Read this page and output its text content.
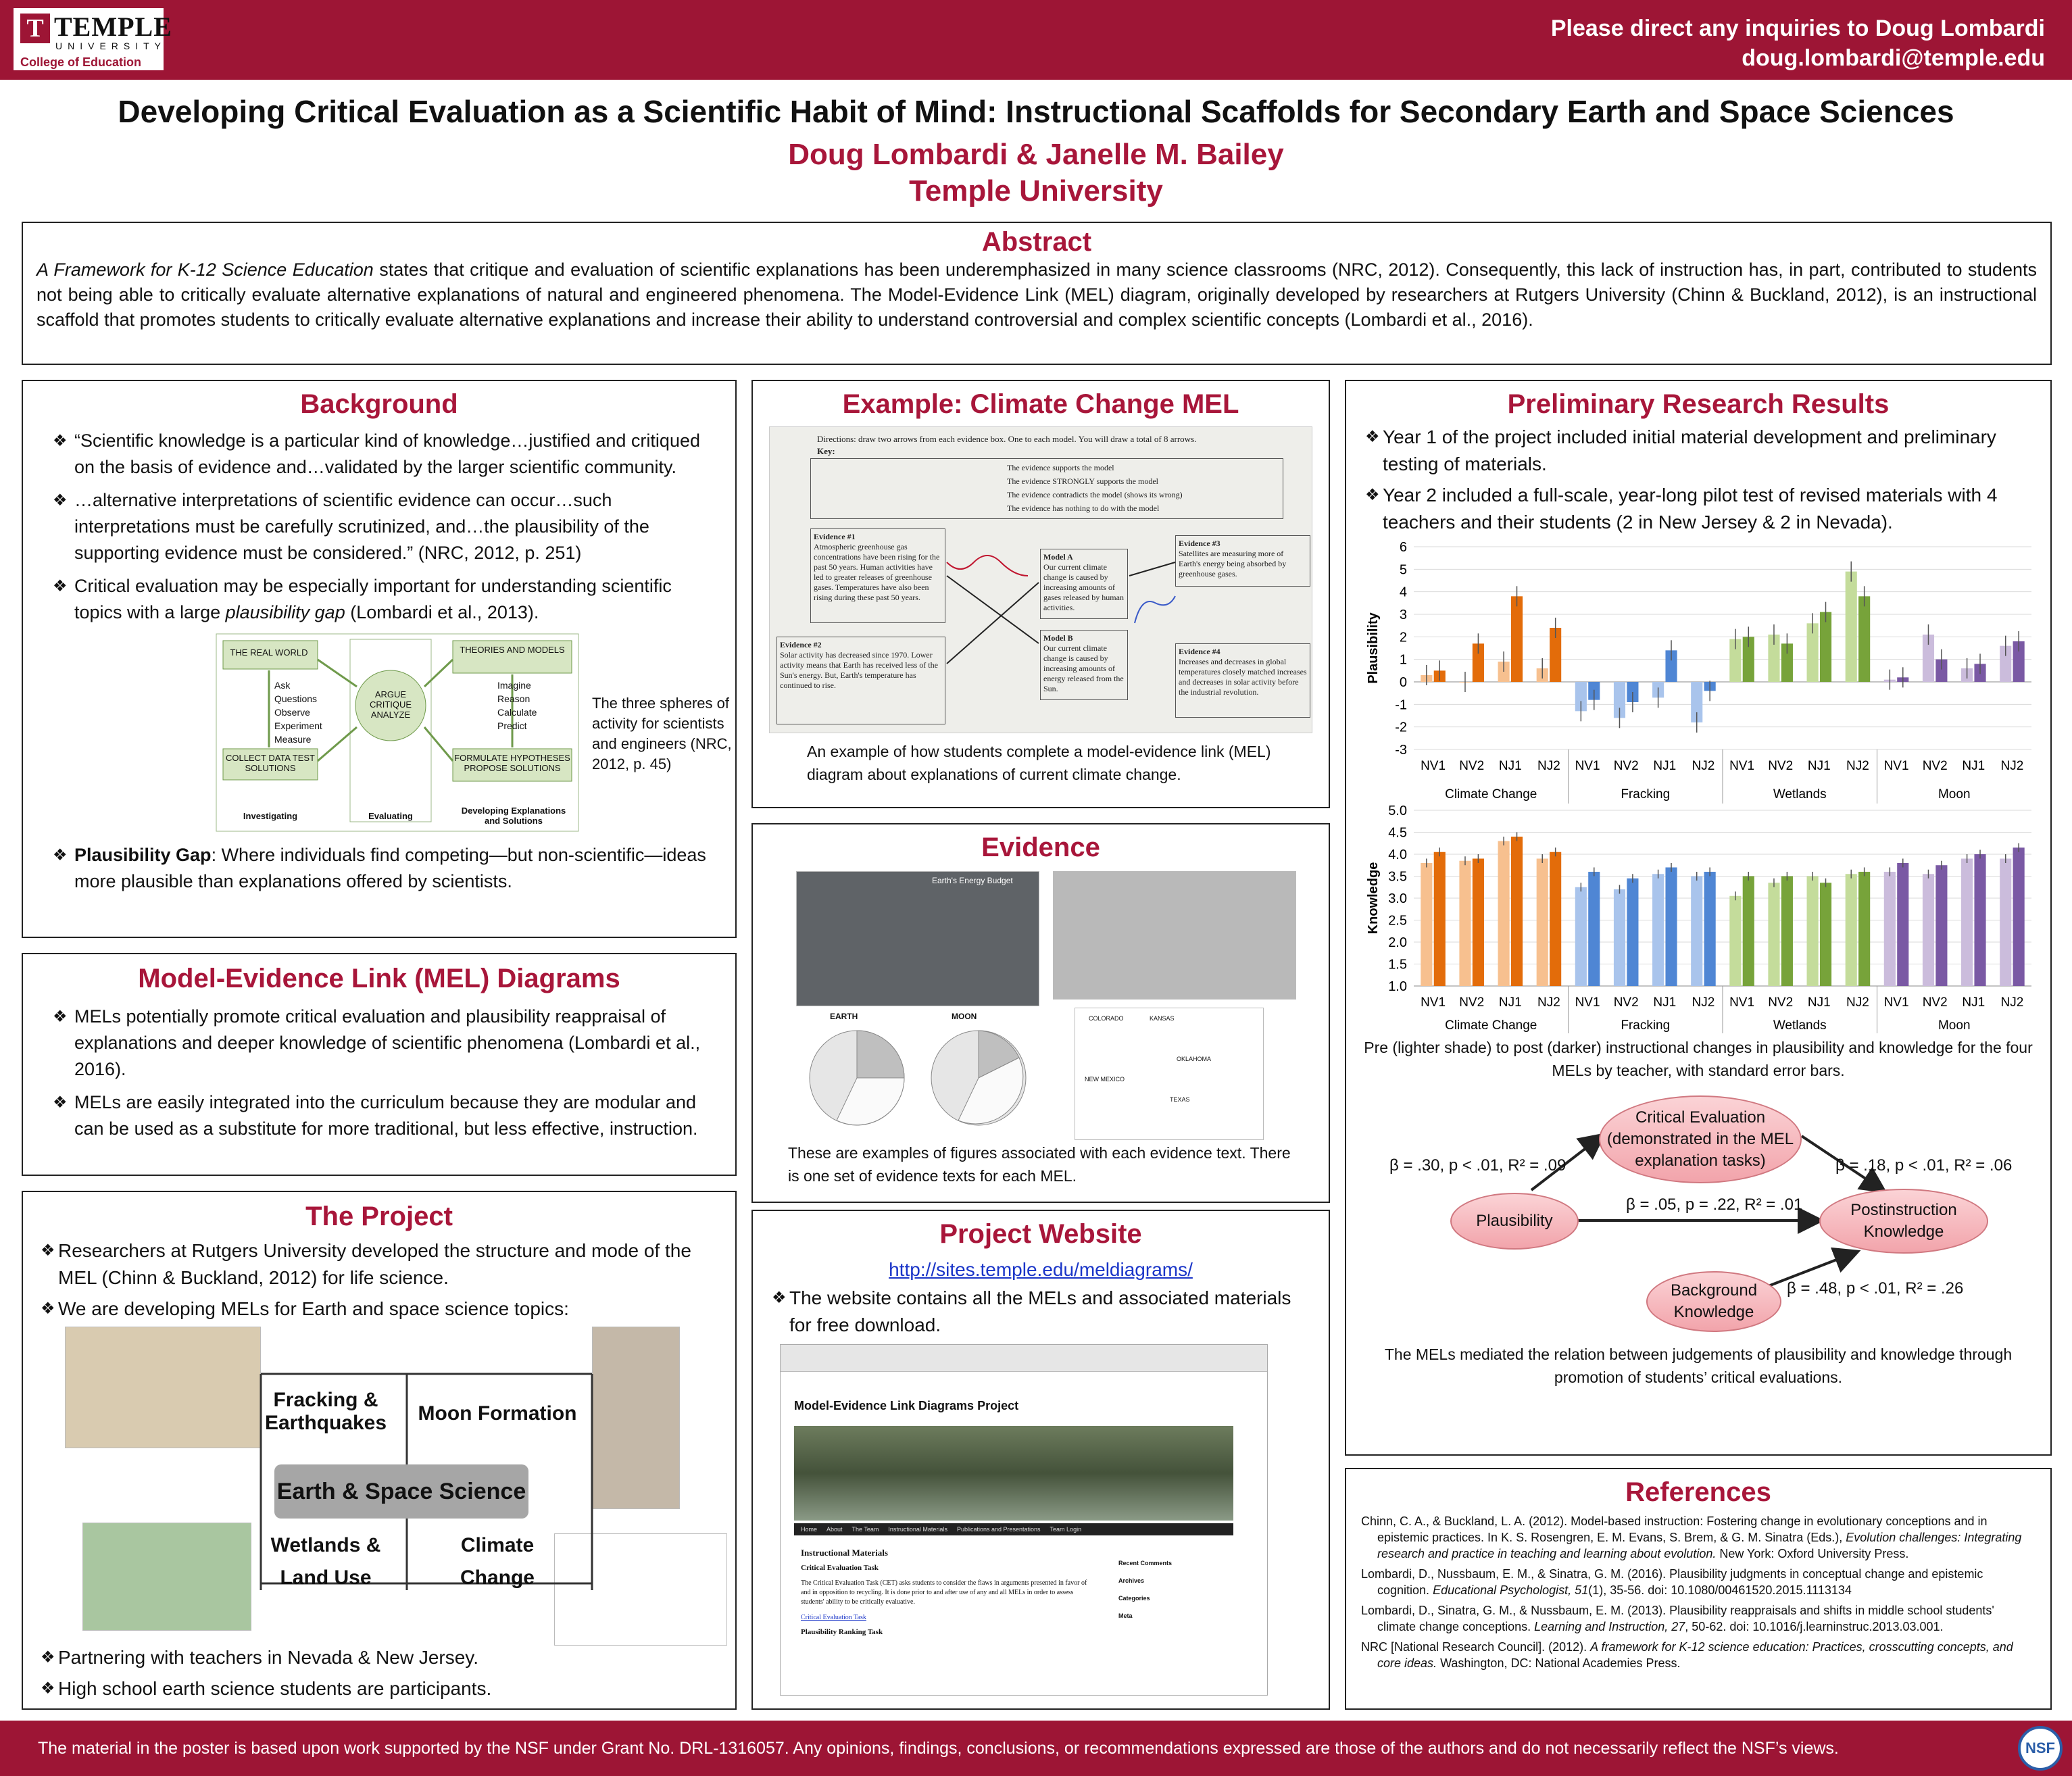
T TEMPLE
UNIVERSITY
College of Education
Please direct any inquiries to Doug Lombardi
doug.lombardi@temple.edu
Developing Critical Evaluation as a Scientific Habit of Mind: Instructional Scaffolds for Secondary Earth and Space Sciences
Doug Lombardi & Janelle M. Bailey
Temple University
Abstract

A Framework for K-12 Science Education states that critique and evaluation of scientific explanations has been underemphasized in many science classrooms (NRC, 2012). Consequently, this lack of instruction has, in part, contributed to students not being able to critically evaluate alternative explanations of natural and engineered phenomena. The Model-Evidence Link (MEL) diagram, originally developed by researchers at Rutgers University (Chinn & Buckland, 2012), is an instructional scaffold that promotes students to critically evaluate alternative explanations and increase their ability to understand controversial and complex scientific concepts (Lombardi et al., 2016).

Background
❖ “Scientific knowledge is a particular kind of knowledge…justified and critiqued on the basis of evidence and…validated by the larger scientific community.
❖ …alternative interpretations of scientific evidence can occur…such interpretations must be carefully scrutinized, and…the plausibility of the supporting evidence must be considered.” (NRC, 2012, p. 251)
❖ Critical evaluation may be especially important for understanding scientific topics with a large plausibility gap (Lombardi et al., 2013).
THE REAL WORLD	THEORIES AND MODELS
ARGUE CRITIQUE ANALYZE
Ask Questions Observe Experiment Measure
Imagine Reason Calculate Predict
COLLECT DATA TEST SOLUTIONS
FORMULATE HYPOTHESES PROPOSE SOLUTIONS
Investigating	Evaluating
Developing Explanations and Solutions
The three spheres of activity for scientists and engineers (NRC, 2012, p. 45)
❖ Plausibility Gap: Where individuals find competing—but non-scientific—ideas more plausible than explanations offered by scientists.
Model-Evidence Link (MEL) Diagrams
❖ MELs potentially promote critical evaluation and plausibility reappraisal of explanations and deeper knowledge of scientific phenomena (Lombardi et al., 2016).
❖ MELs are easily integrated into the curriculum because they are modular and can be used as a substitute for more traditional, but less effective, instruction.
The Project
❖ Researchers at Rutgers University developed the structure and mode of the MEL (Chinn & Buckland, 2012) for life science.
❖ We are developing MELs for Earth and space science topics:
Fracking & Earthquakes	Moon Formation
Earth & Space Science
Wetlands & Land Use
Climate Change
❖ Partnering with teachers in Nevada & New Jersey.
❖ High school earth science students are participants.
Example: Climate Change MEL
Directions: draw two arrows from each evidence box. One to each model. You will draw a total of 8 arrows.
Key:
The evidence supports the model
The evidence STRONGLY supports the model
The evidence contradicts the model (shows its wrong)
The evidence has nothing to do with the model
Evidence #1
Atmospheric greenhouse gas concentrations have been rising for the past 50 years. Human activities have led to greater releases of greenhouse gases. Temperatures have also been rising during these past 50 years.
Evidence #2
Solar activity has decreased since 1970. Lower activity means that Earth has received less of the Sun's energy. But, Earth's temperature has continued to rise.
Model A
Our current climate change is caused by increasing amounts of gases released by human activities.
Model B
Our current climate change is caused by increasing amounts of energy released from the Sun.
Evidence #3
Satellites are measuring more of Earth's energy being absorbed by greenhouse gases.
Evidence #4
Increases and decreases in global temperatures closely matched increases and decreases in solar activity before the industrial revolution.
An example of how students complete a model-evidence link (MEL) diagram about explanations of current climate change.
Evidence
Earth's Energy Budget
EARTH	MOON	COLORADO	KANSAS
OKLAHOMA
NEW MEXICO
TEXAS
These are examples of figures associated with each evidence text. There is one set of evidence texts for each MEL.
Project Website
http://sites.temple.edu/meldiagrams/
❖ The website contains all the MELs and associated materials for free download.
Model-Evidence Link Diagrams Project
Home About The Team Instructional Materials Publications and Presentations Team Login
Instructional Materials
Critical Evaluation Task
The Critical Evaluation Task (CET) asks students to consider the flaws in arguments presented in favor of and in opposition to recycling. It is done prior to and after use of any and all MELs in order to assess students' ability to be critically evaluative.
Critical Evaluation Task
Plausibility Ranking Task
Recent Comments
Archives
Categories
Meta
Preliminary Research Results
❖ Year 1 of the project included initial material development and preliminary testing of materials.
❖ Year 2 included a full-scale, year-long pilot test of revised materials with 4 teachers and their students (2 in New Jersey & 2 in Nevada).
6
5
4
3
2
1
0
-1
-2
-3
Plausibility
NV1 NV2 NJ1 NJ2
Climate Change
NV1 NV2 NJ1 NJ2
Fracking
NV1 NV2 NJ1 NJ2
Wetlands
NV1 NV2 NJ1 NJ2
Moon
5.0
4.5
4.0
3.5
3.0
2.5
2.0
1.5
1.0
Knowledge
NV1 NV2 NJ1 NJ2
Climate Change
NV1 NV2 NJ1 NJ2
Fracking
NV1 NV2 NJ1 NJ2
Wetlands
NV1 NV2 NJ1 NJ2
Moon
Pre (lighter shade) to post (darker) instructional changes in plausibility and knowledge for the four MELs by teacher, with standard error bars.
Critical Evaluation (demonstrated in the MEL explanation tasks)
Plausibility
Postinstruction Knowledge
Background Knowledge
β = .30, p < .01, R² = .09	β = .18, p < .01, R² = .06
β = .05, p = .22, R² = .01
β = .48, p < .01, R² = .26
The MELs mediated the relation between judgements of plausibility and knowledge through promotion of students’ critical evaluations.
References

Chinn, C. A., & Buckland, L. A. (2012). Model-based instruction: Fostering change in evolutionary conceptions and in epistemic practices. In K. S. Rosengren, E. M. Evans, S. Brem, & G. M. Sinatra (Eds.), Evolution challenges: Integrating research and practice in teaching and learning about evolution. New York: Oxford University Press.

Lombardi, D., Nussbaum, E. M., & Sinatra, G. M. (2016). Plausibility judgments in conceptual change and epistemic cognition. Educational Psychologist, 51(1), 35-56. doi: 10.1080/00461520.2015.1113134

Lombardi, D., Sinatra, G. M., & Nussbaum, E. M. (2013). Plausibility reappraisals and shifts in middle school students' climate change conceptions. Learning and Instruction, 27, 50-62. doi: 10.1016/j.learninstruc.2013.03.001.

NRC [National Research Council]. (2012). A framework for K-12 science education: Practices, crosscutting concepts, and core ideas. Washington, DC: National Academies Press.

The material in the poster is based upon work supported by the NSF under Grant No. DRL-1316057. Any opinions, findings, conclusions, or recommendations expressed are those of the authors and do not necessarily reflect the NSF’s views.	NSF
